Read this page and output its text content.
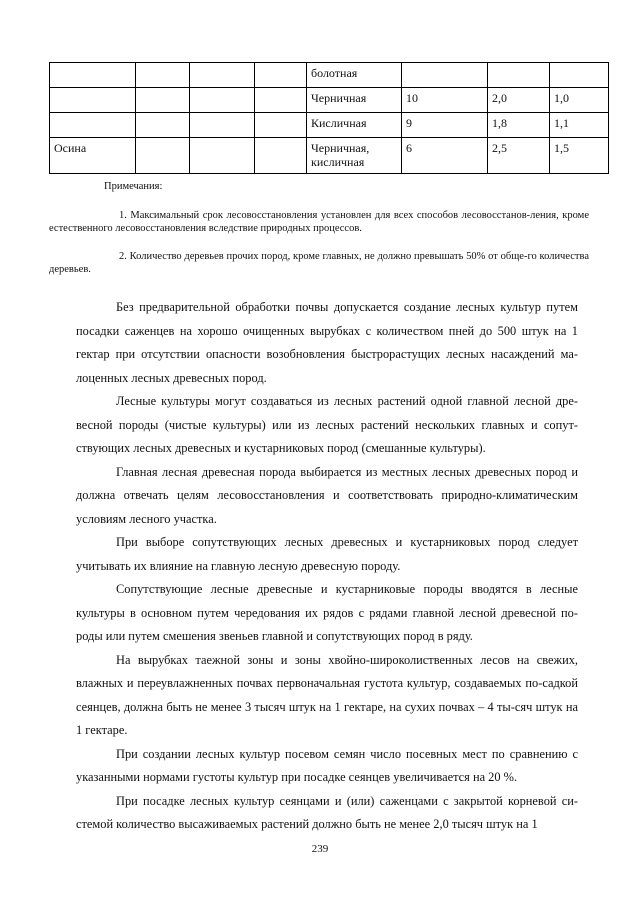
				болотная			
				Черничная	10	2,0	1,0
				Кисличная	9	1,8	1,1
Осина				Черничная, кисличная	6	2,5	1,5
Примечания:
1. Максимальный срок лесовосстановления установлен для всех способов лесовосстанов-ления, кроме естественного лесовосстановления вследствие природных процессов.
2. Количество деревьев прочих пород, кроме главных, не должно превышать 50% от обще-го количества деревьев.

Без предварительной обработки почвы допускается создание лесных культур путем посадки саженцев на хорошо очищенных вырубках с количеством пней до 500 штук на 1 гектар при отсутствии опасности возобновления быстрорастущих лесных насаждений ма-лоценных лесных древесных пород.

Лесные культуры могут создаваться из лесных растений одной главной лесной дре-весной породы (чистые культуры) или из лесных растений нескольких главных и сопут-ствующих лесных древесных и кустарниковых пород (смешанные культуры).

Главная лесная древесная порода выбирается из местных лесных древесных пород и должна отвечать целям лесовосстановления и соответствовать природно-климатическим условиям лесного участка.

При выборе сопутствующих лесных древесных и кустарниковых пород следует учитывать их влияние на главную лесную древесную породу.

Сопутствующие лесные древесные и кустарниковые породы вводятся в лесные культуры в основном путем чередования их рядов с рядами главной лесной древесной по-роды или путем смешения звеньев главной и сопутствующих пород в ряду.

На вырубках таежной зоны и зоны хвойно-широколиственных лесов на свежих, влажных и переувлажненных почвах первоначальная густота культур, создаваемых по-садкой сеянцев, должна быть не менее 3 тысяч штук на 1 гектаре, на сухих почвах – 4 ты-сяч штук на 1 гектаре.

При создании лесных культур посевом семян число посевных мест по сравнению с указанными нормами густоты культур при посадке сеянцев увеличивается на 20 %.

При посадке лесных культур сеянцами и (или) саженцами с закрытой корневой си-стемой количество высаживаемых растений должно быть не менее 2,0 тысяч штук на 1

239
